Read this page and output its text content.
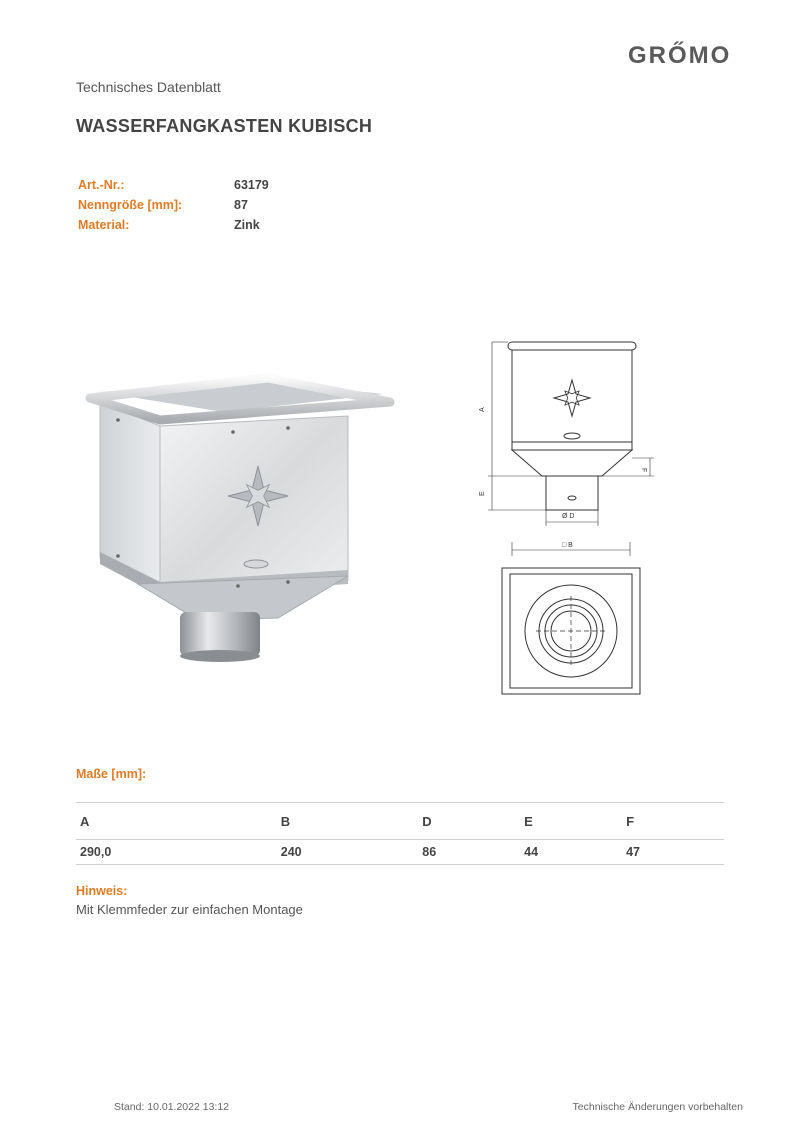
GRŐMO
Technisches Datenblatt
WASSERFANGKASTEN KUBISCH
Art.-Nr.:	63179
Nenngröße [mm]:	87
Material:	Zink
A
E
F
Ø D
□ B
Maße [mm]:
A	B	D	E	F
290,0	240	86	44	47
Hinweis:
Mit Klemmfeder zur einfachen Montage
Stand: 10.01.2022 13:12	Technische Änderungen vorbehalten
